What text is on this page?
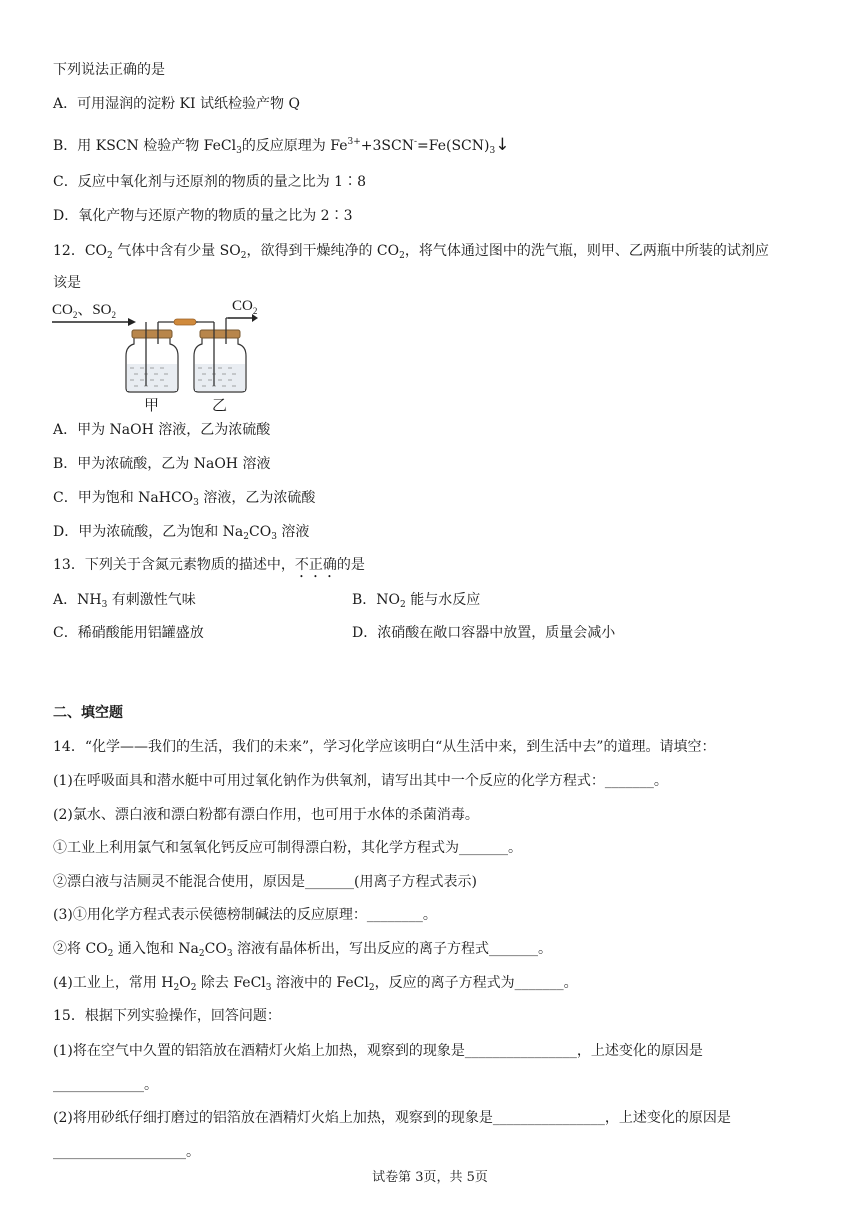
下列说法正确的是
A．可用湿润的淀粉 KI 试纸检验产物 Q
B．用 KSCN 检验产物 FeCl$_3$的反应原理为 $Fe^{3+}+3SCN^-=Fe(SCN)_3↓$
C．反应中氧化剂与还原剂的物质的量之比为 1∶8
D．氧化产物与还原产物的物质的量之比为 2∶3
12．$CO_2$ 气体中含有少量 $SO_2$，欲得到干燥纯净的 $CO_2$，将气体通过图中的洗气瓶，则甲、乙两瓶中所装的试剂应
该是
$CO_2$、$SO_2$
$CO_2$
甲	乙
A．甲为 NaOH 溶液，乙为浓硫酸
B．甲为浓硫酸，乙为 NaOH 溶液
C．甲为饱和 NaHCO$_3$ 溶液，乙为浓硫酸
D．甲为浓硫酸，乙为饱和 $Na_2CO_3$ 溶液
13．下列关于含氮元素物质的描述中，不正确的是
A．$NH_3$ 有刺激性气味	B．$NO_2$ 能与水反应
C．稀硝酸能用铝罐盛放	D．浓硝酸在敞口容器中放置，质量会减小
二、填空题
14．“化学——我们的生活，我们的未来”，学习化学应该明白“从生活中来，到生活中去”的道理。请填空：
(1)在呼吸面具和潜水艇中可用过氧化钠作为供氧剂，请写出其中一个反应的化学方程式：_______。
(2)氯水、漂白液和漂白粉都有漂白作用，也可用于水体的杀菌消毒。
①工业上利用氯气和氢氧化钙反应可制得漂白粉，其化学方程式为_______。
②漂白液与洁厕灵不能混合使用，原因是_______(用离子方程式表示)
(3)①用化学方程式表示侯德榜制碱法的反应原理：________。
②将 $CO_2$ 通入饱和 $Na_2CO_3$ 溶液有晶体析出，写出反应的离子方程式_______。
(4)工业上，常用 $H_2O_2$ 除去 FeCl$_3$ 溶液中的 FeCl$_2$，反应的离子方程式为_______。
15．根据下列实验操作，回答问题：
(1)将在空气中久置的铝箔放在酒精灯火焰上加热，观察到的现象是________________，上述变化的原因是
_____________。
(2)将用砂纸仔细打磨过的铝箔放在酒精灯火焰上加热，观察到的现象是________________，上述变化的原因是
___________________。
试卷第 3页，共 5页
